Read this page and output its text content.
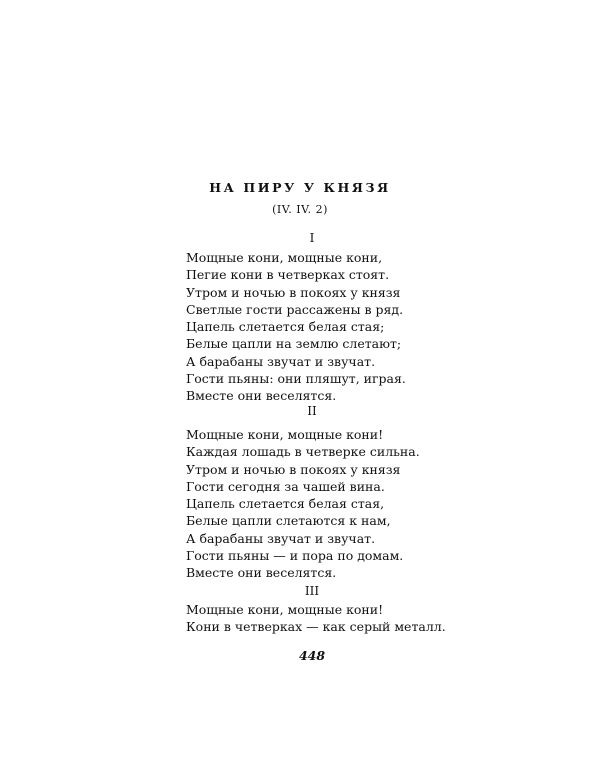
НА ПИРУ У КНЯЗЯ
(IV. IV. 2)
I
Мощные кони, мощные кони,
Пегие кони в четверках стоят.
Утром и ночью в покоях у князя
Светлые гости рассажены в ряд.
Цапель слетается белая стая;
Белые цапли на землю слетают;
А барабаны звучат и звучат.
Гости пьяны: они пляшут, играя.
Вместе они веселятся.
II
Мощные кони, мощные кони!
Каждая лошадь в четверке сильна.
Утром и ночью в покоях у князя
Гости сегодня за чашей вина.
Цапель слетается белая стая,
Белые цапли слетаются к нам,
А барабаны звучат и звучат.
Гости пьяны — и пора по домам.
Вместе они веселятся.
III
Мощные кони, мощные кони!
Кони в четверках — как серый металл.
448
